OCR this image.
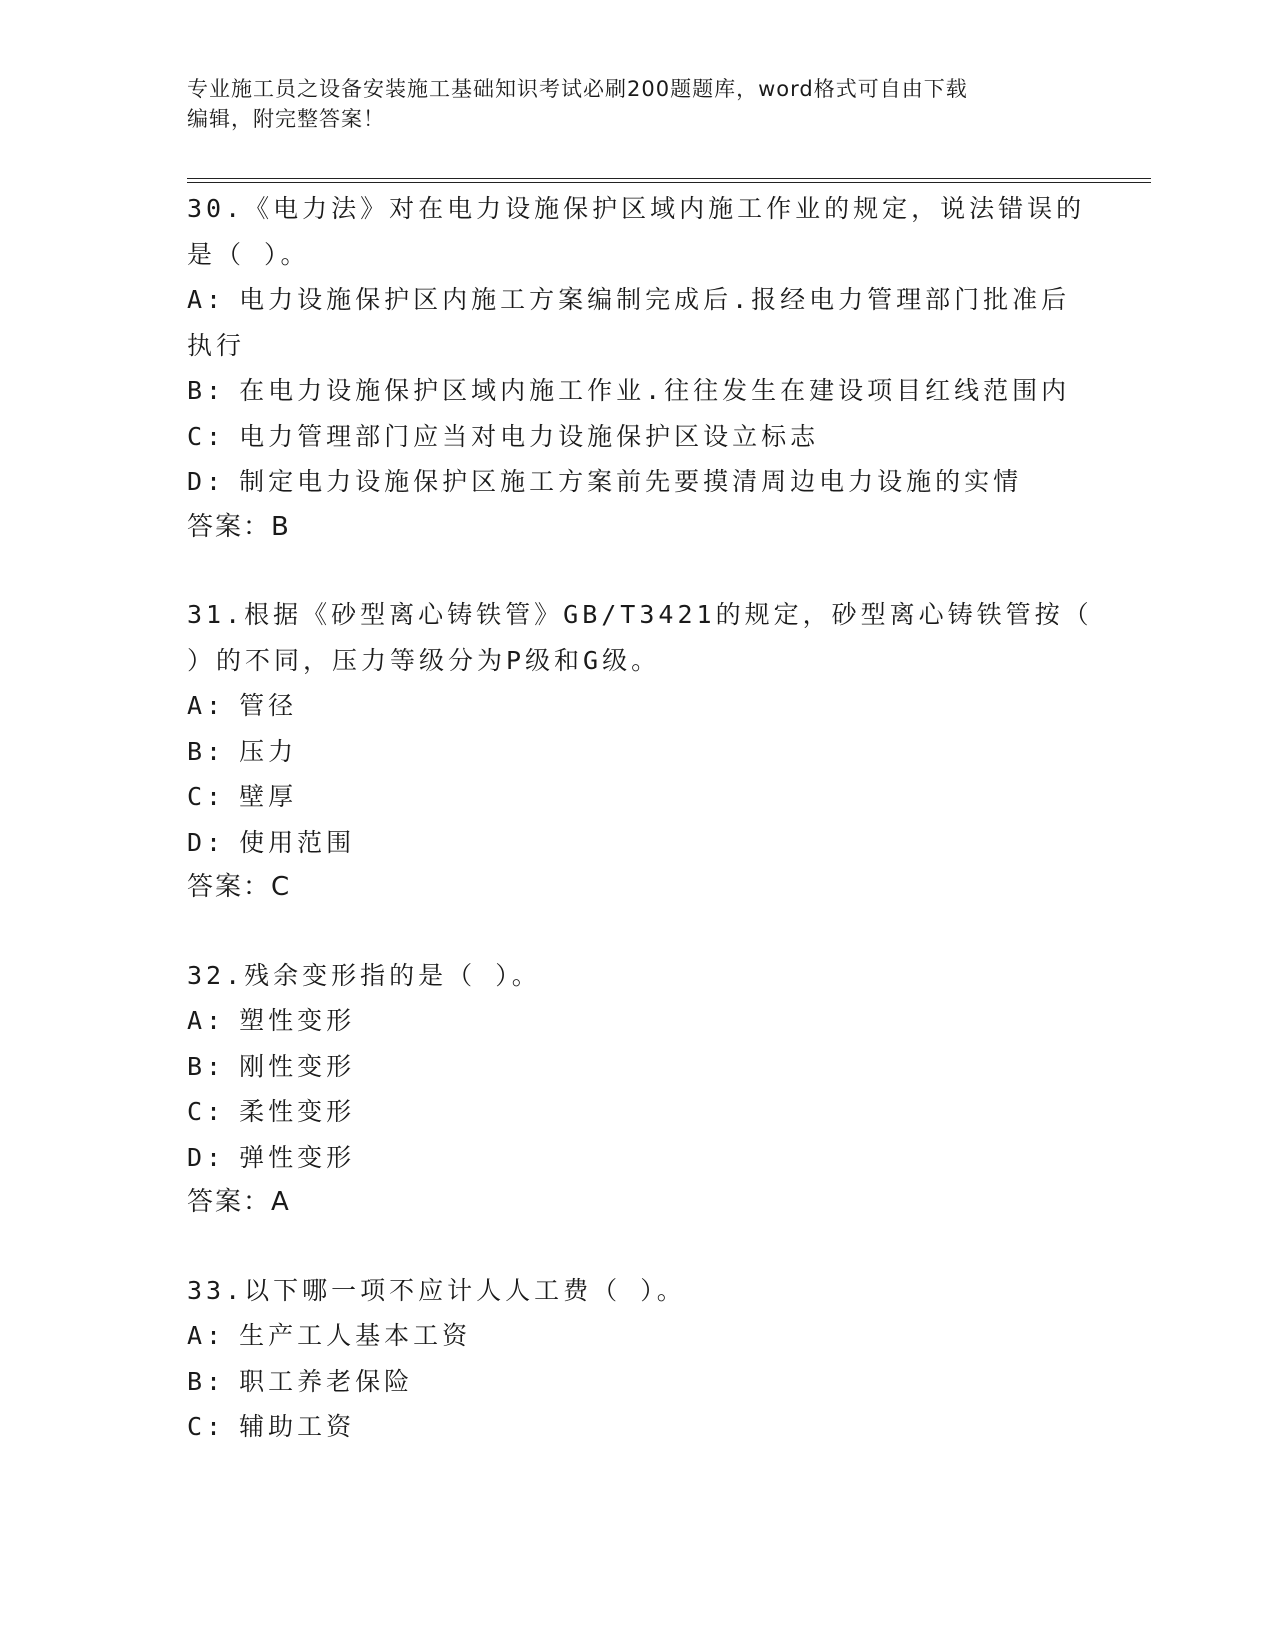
专业施工员之设备安装施工基础知识考试必刷200题题库，word格式可自由下载
编辑，附完整答案！
30.《电力法》对在电力设施保护区域内施工作业的规定，说法错误的
是（ ）。
A: 电力设施保护区内施工方案编制完成后.报经电力管理部门批准后
执行
B: 在电力设施保护区域内施工作业.往往发生在建设项目红线范围内
C: 电力管理部门应当对电力设施保护区设立标志
D: 制定电力设施保护区施工方案前先要摸清周边电力设施的实情
答案：B
31.根据《砂型离心铸铁管》GB/T3421的规定，砂型离心铸铁管按（
）的不同，压力等级分为P级和G级。
A: 管径
B: 压力
C: 壁厚
D: 使用范围
答案：C
32.残余变形指的是（ ）。
A: 塑性变形
B: 刚性变形
C: 柔性变形
D: 弹性变形
答案：A
33.以下哪一项不应计人人工费（ ）。
A: 生产工人基本工资
B: 职工养老保险
C: 辅助工资
